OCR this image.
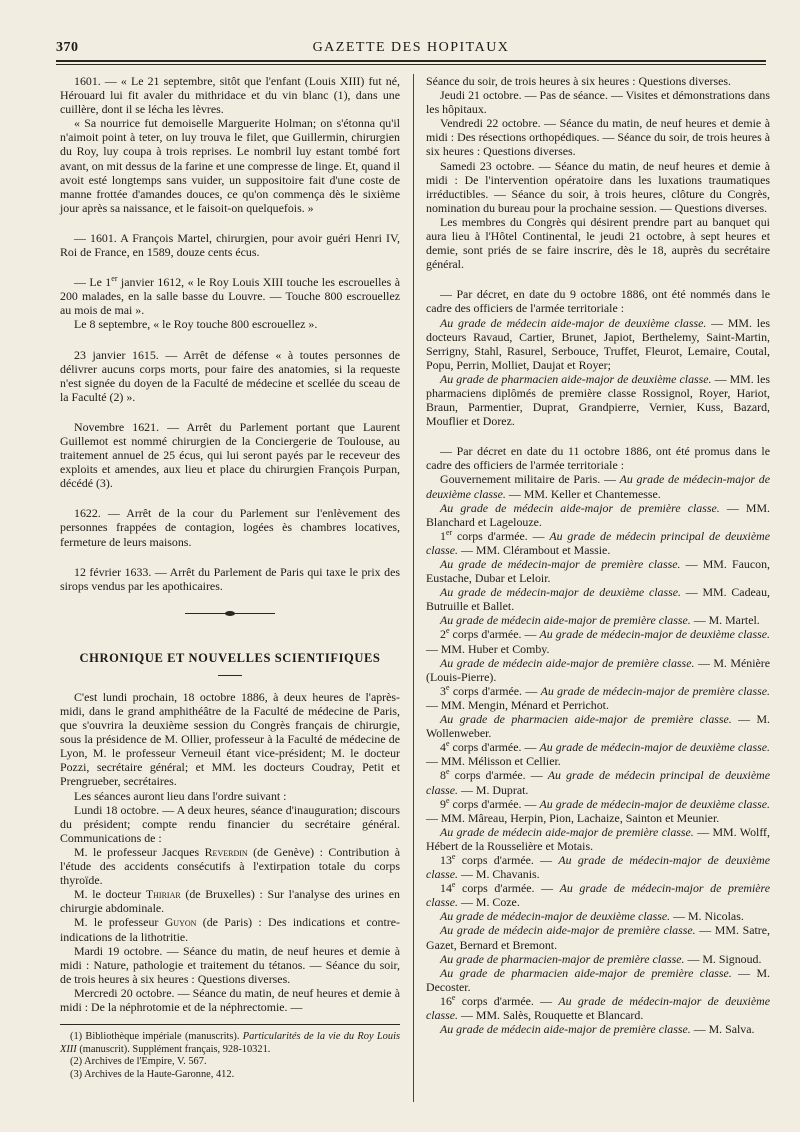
370	GAZETTE DES HOPITAUX

1601. — « Le 21 septembre, sitôt que l'enfant (Louis XIII) fut né, Hérouard lui fit avaler du mithridace et du vin blanc (1), dans une cuillère, dont il se lécha les lèvres.

« Sa nourrice fut demoiselle Marguerite Holman; on s'étonna qu'il n'aimoit point à teter, on luy trouva le filet, que Guillermin, chirurgien du Roy, luy coupa à trois reprises. Le nombril luy estant tombé fort avant, on mit dessus de la farine et une compresse de linge. Et, quand il avoit esté longtemps sans vuider, un suppositoire fait d'une coste de manne frottée d'amandes douces, ce qu'on commença dès le sixième jour après sa naissance, et le faisoit-on quelquefois. »

— 1601. A François Martel, chirurgien, pour avoir guéri Henri IV, Roi de France, en 1589, douze cents écus.

— Le 1er janvier 1612, « le Roy Louis XIII touche les escrouelles à 200 malades, en la salle basse du Louvre. — Touche 800 escrouellez au mois de mai ».

Le 8 septembre, « le Roy touche 800 escrouellez ».

23 janvier 1615. — Arrêt de défense « à toutes personnes de délivrer aucuns corps morts, pour faire des anatomies, si la requeste n'est signée du doyen de la Faculté de médecine et scellée du sceau de la Faculté (2) ».

Novembre 1621. — Arrêt du Parlement portant que Laurent Guillemot est nommé chirurgien de la Conciergerie de Toulouse, au traitement annuel de 25 écus, qui lui seront payés par le receveur des exploits et amendes, aux lieu et place du chirurgien François Purpan, décédé (3).

1622. — Arrêt de la cour du Parlement sur l'enlèvement des personnes frappées de contagion, logées ès chambres locatives, fermeture de leurs maisons.

12 février 1633. — Arrêt du Parlement de Paris qui taxe le prix des sirops vendus par les apothicaires.

CHRONIQUE ET NOUVELLES SCIENTIFIQUES

C'est lundi prochain, 18 octobre 1886, à deux heures de l'après-midi, dans le grand amphithéâtre de la Faculté de médecine de Paris, que s'ouvrira la deuxième session du Congrès français de chirurgie, sous la présidence de M. Ollier, professeur à la Faculté de médecine de Lyon, M. le professeur Verneuil étant vice-président; M. le docteur Pozzi, secrétaire général; et MM. les docteurs Coudray, Petit et Prengrueber, secrétaires.

Les séances auront lieu dans l'ordre suivant :

Lundi 18 octobre. — A deux heures, séance d'inauguration; discours du président; compte rendu financier du secrétaire général. Communications de :

M. le professeur Jacques Reverdin (de Genève) : Contribution à l'étude des accidents consécutifs à l'extirpation totale du corps thyroïde.

M. le docteur Thiriar (de Bruxelles) : Sur l'analyse des urines en chirurgie abdominale.

M. le professeur Guyon (de Paris) : Des indications et contre-indications de la lithotritie.

Mardi 19 octobre. — Séance du matin, de neuf heures et demie à midi : Nature, pathologie et traitement du tétanos. — Séance du soir, de trois heures à six heures : Questions diverses.

Mercredi 20 octobre. — Séance du matin, de neuf heures et demie à midi : De la néphrotomie et de la néphrectomie. —

(1) Bibliothèque impériale (manuscrits). Particularités de la vie du Roy Louis XIII (manuscrit). Supplément français, 928-10321.

(2) Archives de l'Empire, V. 567.

(3) Archives de la Haute-Garonne, 412.

Séance du soir, de trois heures à six heures : Questions diverses.

Jeudi 21 octobre. — Pas de séance. — Visites et démonstrations dans les hôpitaux.

Vendredi 22 octobre. — Séance du matin, de neuf heures et demie à midi : Des résections orthopédiques. — Séance du soir, de trois heures à six heures : Questions diverses.

Samedi 23 octobre. — Séance du matin, de neuf heures et demie à midi : De l'intervention opératoire dans les luxations traumatiques irréductibles. — Séance du soir, à trois heures, clôture du Congrès, nomination du bureau pour la prochaine session. — Questions diverses.

Les membres du Congrès qui désirent prendre part au banquet qui aura lieu à l'Hôtel Continental, le jeudi 21 octobre, à sept heures et demie, sont priés de se faire inscrire, dès le 18, auprès du secrétaire général.

— Par décret, en date du 9 octobre 1886, ont été nommés dans le cadre des officiers de l'armée territoriale :

Au grade de médecin aide-major de deuxième classe. — MM. les docteurs Ravaud, Cartier, Brunet, Japiot, Berthelemy, Saint-Martin, Serrigny, Stahl, Rasurel, Serbouce, Truffet, Fleurot, Lemaire, Coutal, Popu, Perrin, Molliet, Daujat et Royer;

Au grade de pharmacien aide-major de deuxième classe. — MM. les pharmaciens diplômés de première classe Rossignol, Royer, Hariot, Braun, Parmentier, Duprat, Grandpierre, Vernier, Kuss, Bazard, Mouflier et Dorez.

— Par décret en date du 11 octobre 1886, ont été promus dans le cadre des officiers de l'armée territoriale :

Gouvernement militaire de Paris. — Au grade de médecin-major de deuxième classe. — MM. Keller et Chantemesse.

Au grade de médecin aide-major de première classe. — MM. Blanchard et Lagelouze.

1er corps d'armée. — Au grade de médecin principal de deuxième classe. — MM. Clérambout et Massie.

Au grade de médecin-major de première classe. — MM. Faucon, Eustache, Dubar et Leloir.

Au grade de médecin-major de deuxième classe. — MM. Cadeau, Butruille et Ballet.

Au grade de médecin aide-major de première classe. — M. Martel.

2e corps d'armée. — Au grade de médecin-major de deuxième classe. — MM. Huber et Comby.

Au grade de médecin aide-major de première classe. — M. Ménière (Louis-Pierre).

3e corps d'armée. — Au grade de médecin-major de première classe. — MM. Mengin, Ménard et Perrichot.

Au grade de pharmacien aide-major de première classe. — M. Wollenweber.

4e corps d'armée. — Au grade de médecin-major de deuxième classe. — MM. Mélisson et Cellier.

8e corps d'armée. — Au grade de médecin principal de deuxième classe. — M. Duprat.

9e corps d'armée. — Au grade de médecin-major de deuxième classe. — MM. Mâreau, Herpin, Pion, Lachaize, Sainton et Meunier.

Au grade de médecin aide-major de première classe. — MM. Wolff, Hébert de la Rousselière et Motais.

13e corps d'armée. — Au grade de médecin-major de deuxième classe. — M. Chavanis.

14e corps d'armée. — Au grade de médecin-major de première classe. — M. Coze.

Au grade de médecin-major de deuxième classe. — M. Nicolas.

Au grade de médecin aide-major de première classe. — MM. Satre, Gazet, Bernard et Bremont.

Au grade de pharmacien-major de première classe. — M. Signoud.

Au grade de pharmacien aide-major de première classe. — M. Decoster.

16e corps d'armée. — Au grade de médecin-major de deuxième classe. — MM. Salès, Rouquette et Blancard.

Au grade de médecin aide-major de première classe. — M. Salva.
